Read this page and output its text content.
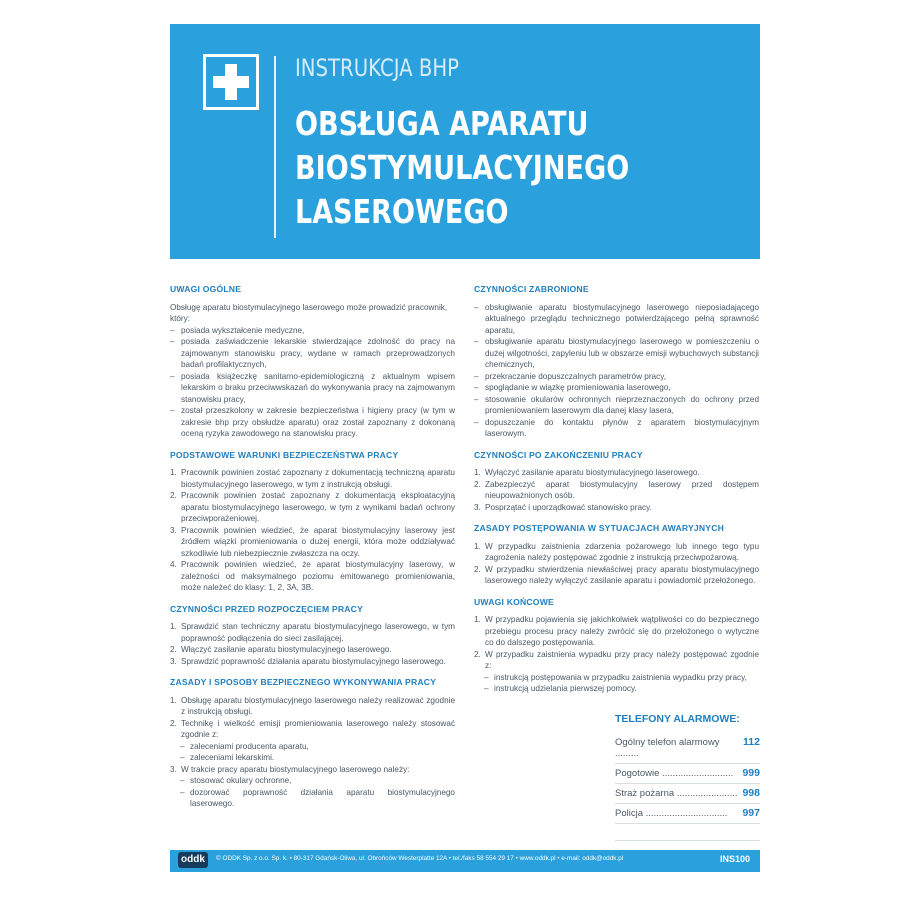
INSTRUKCJA BHP
OBSŁUGA APARATU
BIOSTYMULACYJNEGO
LASEROWEGO
UWAGI OGÓLNE

Obsługę aparatu biostymulacyjnego laserowego może prowadzić pracownik, który:

– posiada wykształcenie medyczne,
– posiada zaświadczenie lekarskie stwierdzające zdolność do pracy na zajmowanym stanowisku pracy, wydane w ramach przeprowadzonych badań profilaktycznych,
– posiada książeczkę sanitarno-epidemiologiczną z aktualnym wpisem lekarskim o braku przeciwwskazań do wykonywania pracy na zajmowanym stanowisku pracy,
– został przeszkolony w zakresie bezpieczeństwa i higieny pracy (w tym w zakresie bhp przy obsłudze aparatu) oraz został zapoznany z dokonaną oceną ryzyka zawodowego na stanowisku pracy.
PODSTAWOWE WARUNKI BEZPIECZEŃSTWA PRACY
1. Pracownik powinien zostać zapoznany z dokumentacją techniczną aparatu biostymulacyjnego laserowego, w tym z instrukcją obsługi.
2. Pracownik powinien zostać zapoznany z dokumentacją eksploatacyjną aparatu biostymulacyjnego laserowego, w tym z wynikami badań ochrony przeciwporażeniowej.
3. Pracownik powinien wiedzieć, że aparat biostymulacyjny laserowy jest źródłem wiązki promieniowania o dużej energii, która może oddziaływać szkodliwie lub niebezpiecznie zwłaszcza na oczy.
4. Pracownik powinien wiedzieć, że aparat biostymulacyjny laserowy, w zależności od maksymalnego poziomu emitowanego promieniowania, może należeć do klasy: 1, 2, 3A, 3B.
CZYNNOŚCI PRZED ROZPOCZĘCIEM PRACY
1. Sprawdzić stan techniczny aparatu biostymulacyjnego laserowego, w tym poprawność podłączenia do sieci zasilającej.
2. Włączyć zasilanie aparatu biostymulacyjnego laserowego.
3. Sprawdzić poprawność działania aparatu biostymulacyjnego laserowego.
ZASADY I SPOSOBY BEZPIECZNEGO WYKONYWANIA PRACY
1. Obsługę aparatu biostymulacyjnego laserowego należy realizować zgodnie z instrukcją obsługi.
2. Technikę i wielkość emisji promieniowania laserowego należy stosować zgodnie z:
– zaleceniami producenta aparatu,
– zaleceniami lekarskimi.
3. W trakcie pracy aparatu biostymulacyjnego laserowego należy:
– stosować okulary ochronne,
– dozorować poprawność działania aparatu biostymulacyjnego laserowego.
CZYNNOŚCI ZABRONIONE
– obsługiwanie aparatu biostymulacyjnego laserowego nieposiadającego aktualnego przeglądu technicznego potwierdzającego pełną sprawność aparatu,
– obsługiwanie aparatu biostymulacyjnego laserowego w pomieszczeniu o dużej wilgotności, zapyleniu lub w obszarze emisji wybuchowych substancji chemicznych,
– przekraczanie dopuszczalnych parametrów pracy,
– spoglądanie w wiązkę promieniowania laserowego,
– stosowanie okularów ochronnych nieprzeznaczonych do ochrony przed promieniowaniem laserowym dla danej klasy lasera,
– dopuszczanie do kontaktu płynów z aparatem biostymulacyjnym laserowym.
CZYNNOŚCI PO ZAKOŃCZENIU PRACY
1. Wyłączyć zasilanie aparatu biostymulacyjnego laserowego.
2. Zabezpieczyć aparat biostymulacyjny laserowy przed dostępem nieupoważnionych osób.
3. Posprzątać i uporządkować stanowisko pracy.
ZASADY POSTĘPOWANIA W SYTUACJACH AWARYJNYCH
1. W przypadku zaistnienia zdarzenia pożarowego lub innego tego typu zagrożenia należy postępować zgodnie z instrukcją przeciwpożarową.
2. W przypadku stwierdzenia niewłaściwej pracy aparatu biostymulacyjnego laserowego należy wyłączyć zasilanie aparatu i powiadomić przełożonego.
UWAGI KOŃCOWE
1. W przypadku pojawienia się jakichkolwiek wątpliwości co do bezpiecznego przebiegu procesu pracy należy zwrócić się do przełożonego o wytyczne co do dalszego postępowania.
2. W przypadku zaistnienia wypadku przy pracy należy postępować zgodnie z:
– instrukcją postępowania w przypadku zaistnienia wypadku przy pracy,
– instrukcją udzielania pierwszej pomocy.
TELEFONY ALARMOWE:
Ogólny telefon alarmowy .........
112
Pogotowie ........................... 999
Straż pożarna ....................... 998
Policja ............................... 997
oddk	© ODDK Sp. z o.o. Sp. k. • 80-317 Gdańsk-Oliwa, ul. Obrońców Westerplatte 12A • tel./faks 58 554 29 17 • www.oddk.pl • e-mail: oddk@oddk.pl	INS100
